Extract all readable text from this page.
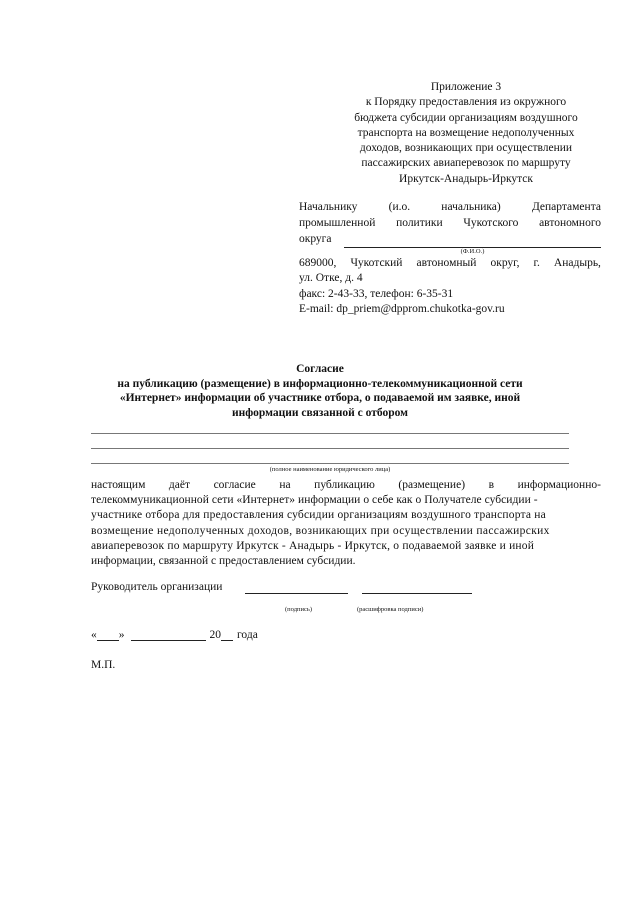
Приложение 3
к Порядку предоставления из окружного
бюджета субсидии организациям воздушного
транспорта на возмещение недополученных
доходов, возникающих при осуществлении
пассажирских авиаперевозок по маршруту
Иркутск-Анадырь-Иркутск
Начальнику	(и.о.	начальника)	Департамента
промышленной политики Чукотского автономного
округа
(Ф.И.О.)
689000, Чукотский автономный округ, г. Анадырь,
ул. Отке, д. 4
факс: 2-43-33, телефон: 6-35-31
E-mail: dp_priem@dpprom.chukotka-gov.ru
Согласие
на публикацию (размещение) в информационно-телекоммуникационной сети
«Интернет» информации об участнике отбора, о подаваемой им заявке, иной
информации связанной с отбором
(полное наименование юридического лица)
настоящим даёт согласие на публикацию (размещение) в информационно-
телекоммуникационной сети «Интернет» информации о себе как о Получателе субсидии -
участнике отбора для предоставления субсидии организациям воздушного транспорта на
возмещение недополученных доходов, возникающих при осуществлении пассажирских
авиаперевозок по маршруту Иркутск - Анадырь - Иркутск, о подаваемой заявке и иной
информации, связанной с предоставлением субсидии.
Руководитель организации
(подпись)	(расшифровка подписи)
« »	20 года
М.П.
